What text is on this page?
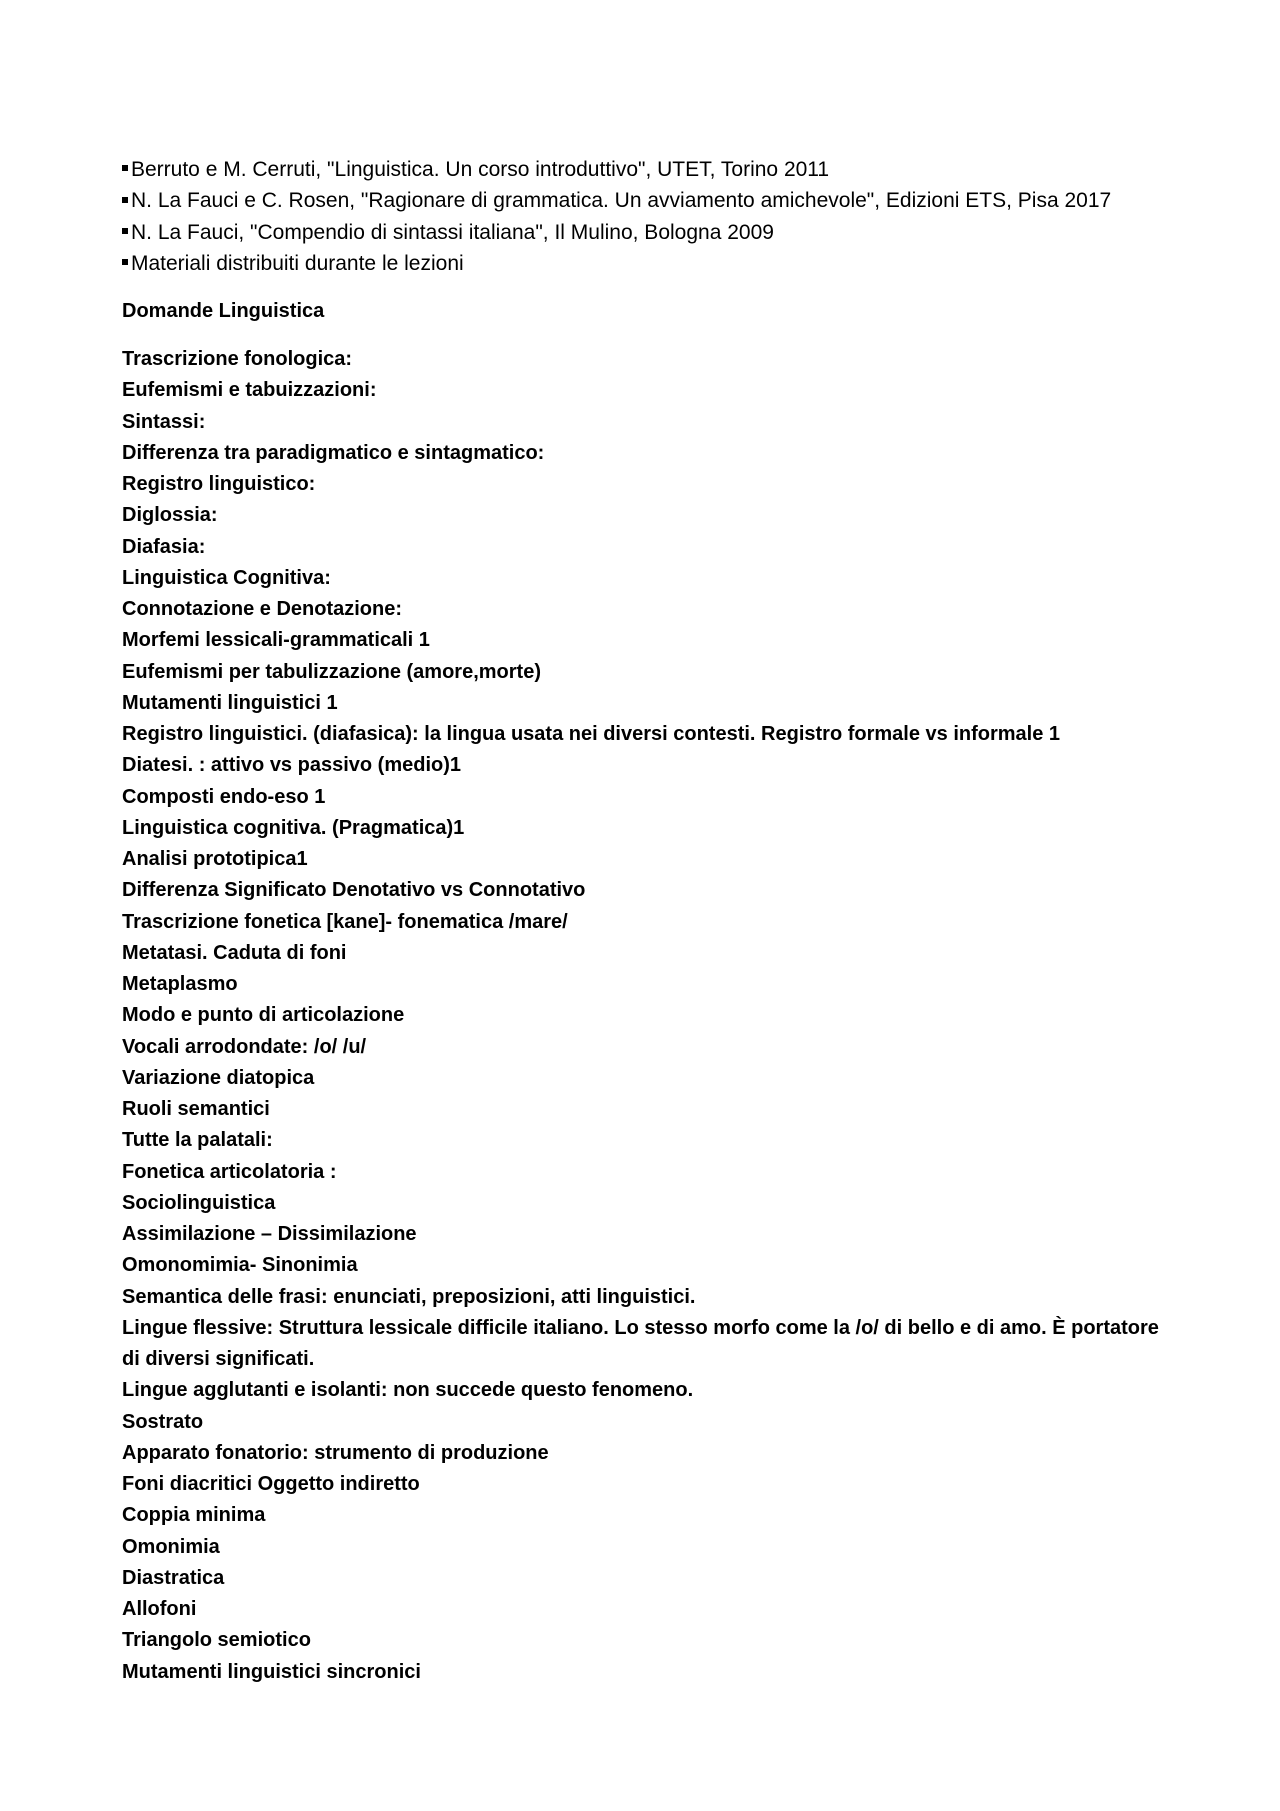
Berruto e M. Cerruti, "Linguistica. Un corso introduttivo", UTET, Torino 2011
N. La Fauci e C. Rosen, "Ragionare di grammatica. Un avviamento amichevole", Edizioni ETS, Pisa 2017
N. La Fauci, "Compendio di sintassi italiana", Il Mulino, Bologna 2009
Materiali distribuiti durante le lezioni
Domande Linguistica
Trascrizione fonologica:
Eufemismi e tabuizzazioni:
Sintassi:
Differenza tra paradigmatico e sintagmatico:
Registro linguistico:
Diglossia:
Diafasia:
Linguistica Cognitiva:
Connotazione e Denotazione:
Morfemi lessicali-grammaticali 1
Eufemismi per tabulizzazione (amore,morte)
Mutamenti linguistici 1
Registro linguistici. (diafasica): la lingua usata nei diversi contesti. Registro formale vs informale 1
Diatesi. : attivo vs passivo (medio)1
Composti endo-eso 1
Linguistica cognitiva. (Pragmatica)1
Analisi prototipica1
Differenza Significato Denotativo vs Connotativo
Trascrizione fonetica [kane]- fonematica /mare/
Metatasi. Caduta di foni
Metaplasmo
Modo e punto di articolazione
Vocali arrodondate: /o/ /u/
Variazione diatopica
Ruoli semantici
Tutte la palatali:
Fonetica articolatoria :
Sociolinguistica
Assimilazione – Dissimilazione
Omonomimia- Sinonimia
Semantica delle frasi: enunciati, preposizioni, atti linguistici.
Lingue flessive: Struttura lessicale difficile italiano. Lo stesso morfo come la /o/ di bello e di amo. È portatore di diversi significati.
Lingue agglutanti e isolanti: non succede questo fenomeno.
Sostrato
Apparato fonatorio: strumento di produzione
Foni diacritici Oggetto indiretto
Coppia minima
Omonimia
Diastratica
Allofoni
Triangolo semiotico
Mutamenti linguistici sincronici
